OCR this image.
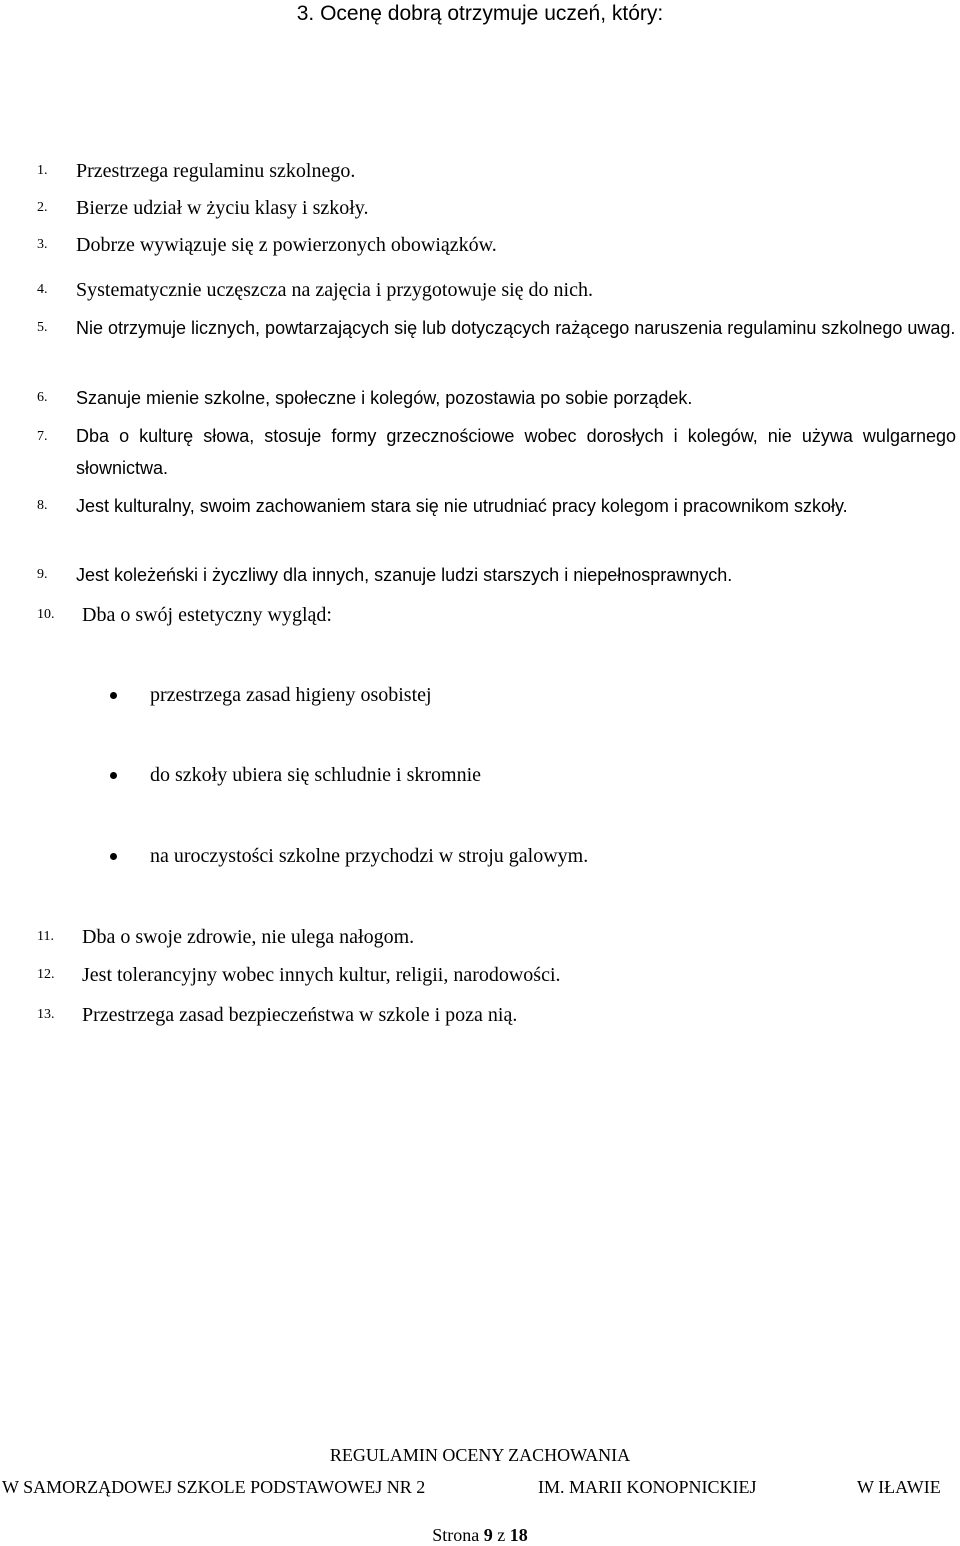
3. Ocenę dobrą otrzymuje uczeń, który:
1. Przestrzega regulaminu szkolnego.
2. Bierze udział w życiu klasy i szkoły.
3. Dobrze wywiązuje się z powierzonych obowiązków.
4. Systematycznie uczęszcza na zajęcia i przygotowuje się do nich.
5. Nie otrzymuje licznych, powtarzających się lub dotyczących rażącego naruszenia regulaminu szkolnego uwag.
6. Szanuje mienie szkolne, społeczne i kolegów, pozostawia po sobie porządek.
7. Dba o kulturę słowa, stosuje formy grzecznościowe wobec dorosłych i kolegów, nie używa wulgarnego słownictwa.
8. Jest kulturalny, swoim zachowaniem stara się nie utrudniać pracy kolegom i pracownikom szkoły.
9. Jest koleżeński i życzliwy dla innych, szanuje ludzi starszych i niepełnosprawnych.
10. Dba o swój estetyczny wygląd:
przestrzega zasad higieny osobistej
do szkoły ubiera się schludnie i skromnie
na uroczystości szkolne przychodzi w stroju galowym.
11. Dba o swoje zdrowie, nie ulega nałogom.
12. Jest tolerancyjny wobec innych kultur, religii, narodowości.
13. Przestrzega zasad bezpieczeństwa w szkole i poza nią.
REGULAMIN OCENY ZACHOWANIA
W SAMORZĄDOWEJ SZKOLE PODSTAWOWEJ NR 2	IM. MARII KONOPNICKIEJ	W IŁAWIE
Strona 9 z 18
